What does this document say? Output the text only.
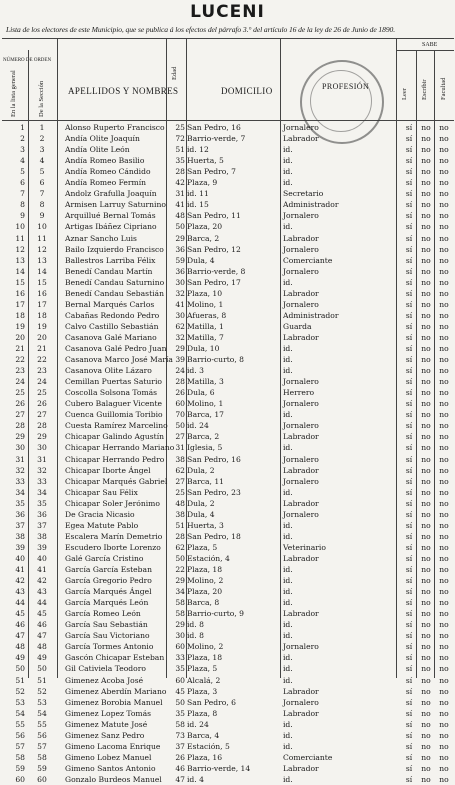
LUCENI
Lista de los electores de este Municipio, que se publica á los efectos del párrafo 3.° del artículo 16 de la ley de 26 de Junio de 1890.
NÚMERO DE ORDEN
En la lista general	De la Sección	APELLIDOS Y NOMBRES
Edad
DOMICILIO	PROFESIÓN
SABE
Leer Escribir Facultad
1	1	Alonso Ruperto Francisco	25 San Pedro, 16	Jornalero	sí	no	no
2	2	Andía Olite Joaquín	72 Barrio-verde, 7	Labrador	sí	no	no
3	3	Andía Olite León	51 id. 12	id.	sí	no	no
4	4	Andía Romeo Basilio	35 Huerta, 5	id.	sí	no	no
5	5	Andía Romeo Cándido	28 San Pedro, 7	id.	sí	no	no
6	6	Andía Romeo Fermín	42 Plaza, 9	id.	sí	no	no
7	7	Andolz Grafulla Joaquín	31 id. 11	Secretario	sí	no	no
8	8	Armisen Larruy Saturnino	41 id. 15	Administrador	sí	no	no
9	9	Arquillué Bernal Tomás	48 San Pedro, 11	Jornalero	sí	no	no
10	10	Artigas Ibáñez Cipriano	50 Plaza, 20	id.	sí	no	no
11	11	Aznar Sancho Luis	29 Barca, 2	Labrador	sí	no	no
12	12	Bailo Izquierdo Francisco	36 San Pedro, 12	Jornalero	sí	no	no
13	13	Ballestros Larriba Félix	59 Dula, 4	Comerciante	sí	no	no
14	14	Benedí Candau Martín	36 Barrio-verde, 8	Jornalero	sí	no	no
15	15	Benedí Candau Saturnino	30 San Pedro, 17	id.	sí	no	no
16	16	Benedí Candau Sebastián	32 Plaza, 10	Labrador	sí	no	no
17	17	Bernal Marqués Carlos	41 Molino, 1	Jornalero	sí	no	no
18	18	Cabañas Redondo Pedro	30 Afueras, 8	Administrador	sí	no	no
19	19	Calvo Castillo Sebastián	62 Matilla, 1	Guarda	sí	no	no
20	20	Casanova Galé Mariano	32 Matilla, 7	Labrador	sí	no	no
21	21	Casanova Galé Pedro Juan	29 Dula, 10	id.	sí	no	no
22	22	Casanova Marco José María 39 Barrio-curto, 8	id.	sí	no	no
23	23	Casanova Olite Lázaro	24 id. 3	id.	sí	no	no
24	24	Cemillan Puertas Saturio	28 Matilla, 3	Jornalero	sí	no	no
25	25	Coscolla Solsona Tomás	26 Dula, 6	Herrero	sí	no	no
26	26	Cubero Balaguer Vicente	60 Molino, 1	Jornalero	sí	no	no
27	27	Cuenca Guillomia Toribio	70 Barca, 17	id.	sí	no	no
28	28	Cuesta Ramírez Marcelino	50 id. 24	Jornalero	sí	no	no
29	29	Chicapar Galindo Agustín	27 Barca, 2	Labrador	sí	no	no
30	30	Chicapar Herrando Mariano 31 Iglesia, 5	id.	sí	no	no
31	31	Chicapar Herrando Pedro	38 San Pedro, 16	Jornalero	sí	no	no
32	32	Chicapar Iborte Ángel	62 Dula, 2	Labrador	sí	no	no
33	33	Chicapar Marqués Gabriel	27 Barca, 11	Jornalero	sí	no	no
34	34	Chicapar Sau Félix	25 San Pedro, 23	id.	sí	no	no
35	35	Chicapar Soler Jerónimo	48 Dula, 2	Labrador	sí	no	no
36	36	De Gracia Nicasio	38 Dula, 4	Jornalero	sí	no	no
37	37	Egea Matute Pablo	51 Huerta, 3	id.	sí	no	no
38	38	Escalera Marín Demetrio	28 San Pedro, 18	id.	sí	no	no
39	39	Escudero Iborte Lorenzo	62 Plaza, 5	Veterinario	sí	no	no
40	40	Galé García Cristino	50 Estación, 4	Labrador	sí	no	no
41	41	García García Esteban	22 Plaza, 18	id.	sí	no	no
42	42	García Gregorio Pedro	29 Molino, 2	id.	sí	no	no
43	43	García Marqués Ángel	34 Plaza, 20	id.	sí	no	no
44	44	García Marqués León	58 Barca, 8	id.	sí	no	no
45	45	García Romeo León	58 Barrio-curto, 9	Labrador	sí	no	no
46	46	García Sau Sebastián	29 id. 8	id.	sí	no	no
47	47	García Sau Victoriano	30 id. 8	id.	sí	no	no
48	48	García Tormes Antonio	60 Molino, 2	Jornalero	sí	no	no
49	49	Gascón Chicapar Esteban	33 Plaza, 18	id.	sí	no	no
50	50	Gil Cativiela Teodoro	35 Plaza, 5	id.	sí	no	no
51	51	Gimenez Acoba José	60 Alcalá, 2	id.	sí	no	no
52	52	Gimenez Aberdín Mariano	45 Plaza, 3	Labrador	sí	no	no
53	53	Gimenez Borobia Manuel	50 San Pedro, 6	Jornalero	sí	no	no
54	54	Gimenez Lopez Tomás	35 Plaza, 8	Labrador	sí	no	no
55	55	Gimenez Matute José	58 id. 24	id.	sí	no	no
56	56	Gimenez Sanz Pedro	73 Barca, 4	id.	sí	no	no
57	57	Gimeno Lacoma Enrique	37 Estación, 5	id.	sí	no	no
58	58	Gimeno Lobez Manuel	26 Plaza, 16	Comerciante	sí	no	no
59	59	Gimeno Santos Antonio	46 Barrio-verde, 14	Labrador	sí	no	no
60	60	Gonzalo Burdeos Manuel	47 id. 4	id.	sí	no	no
